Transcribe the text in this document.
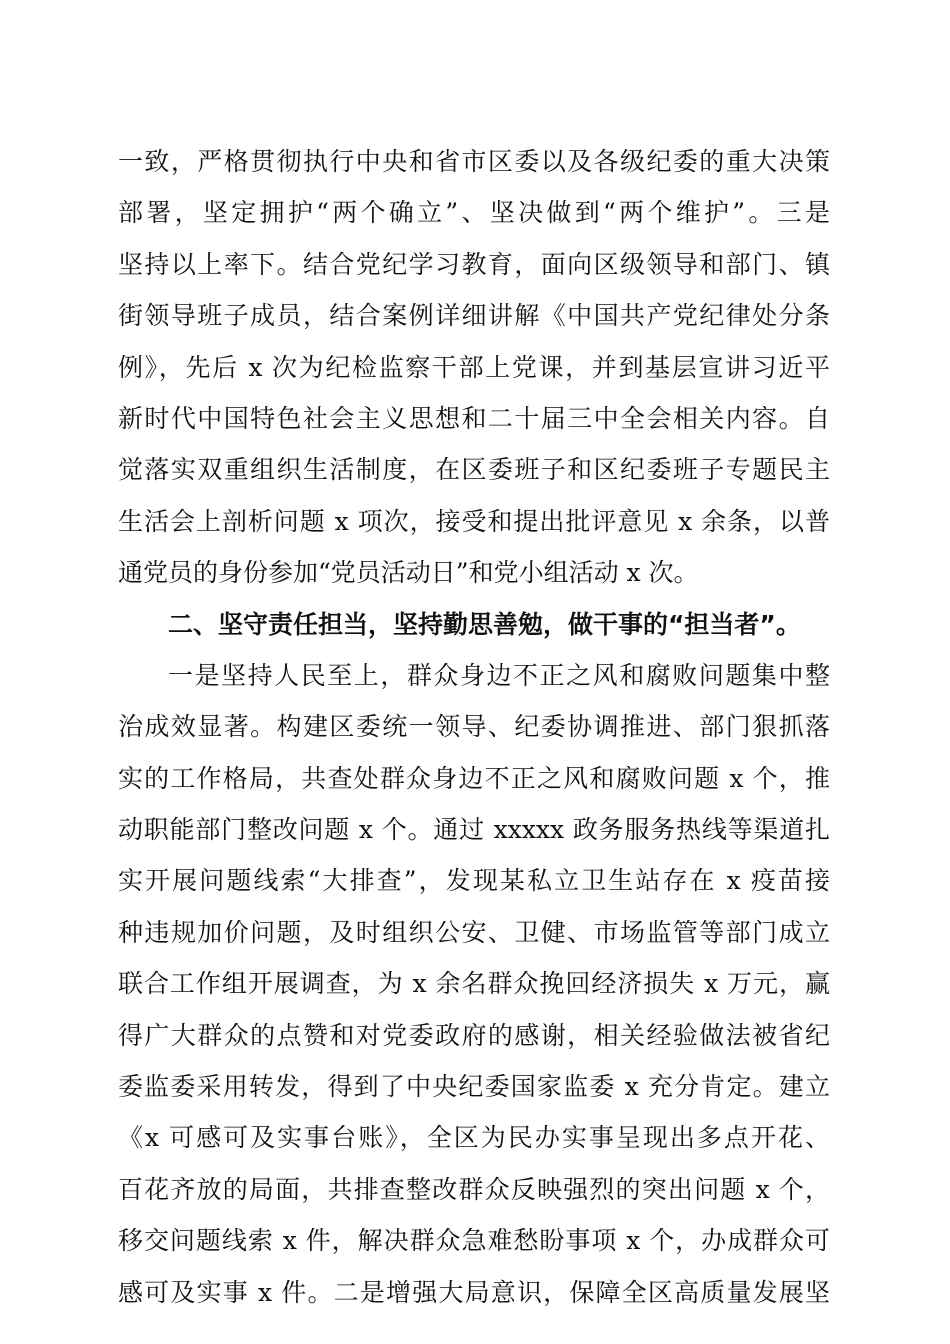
一致，严格贯彻执行中央和省市区委以及各级纪委的重大决策
部署，坚定拥护“两个确立”、坚决做到“两个维护”。三是
坚持以上率下。结合党纪学习教育，面向区级领导和部门、镇
街领导班子成员，结合案例详细讲解《中国共产党纪律处分条
例》，先后 x 次为纪检监察干部上党课，并到基层宣讲习近平
新时代中国特色社会主义思想和二十届三中全会相关内容。自
觉落实双重组织生活制度，在区委班子和区纪委班子专题民主
生活会上剖析问题 x 项次，接受和提出批评意见 x 余条，以普
通党员的身份参加“党员活动日”和党小组活动 x 次。
二、坚守责任担当，坚持勤思善勉，做干事的“担当者”。
一是坚持人民至上，群众身边不正之风和腐败问题集中整
治成效显著。构建区委统一领导、纪委协调推进、部门狠抓落
实的工作格局，共查处群众身边不正之风和腐败问题 x 个，推
动职能部门整改问题 x 个。通过 xxxxx 政务服务热线等渠道扎
实开展问题线索“大排查”，发现某私立卫生站存在 x 疫苗接
种违规加价问题，及时组织公安、卫健、市场监管等部门成立
联合工作组开展调查，为 x 余名群众挽回经济损失 x 万元，赢
得广大群众的点赞和对党委政府的感谢，相关经验做法被省纪
委监委采用转发，得到了中央纪委国家监委 x 充分肯定。建立
《x 可感可及实事台账》，全区为民办实事呈现出多点开花、
百花齐放的局面，共排查整改群众反映强烈的突出问题 x 个，
移交问题线索 x 件，解决群众急难愁盼事项 x 个，办成群众可
感可及实事 x 件。二是增强大局意识，保障全区高质量发展坚
